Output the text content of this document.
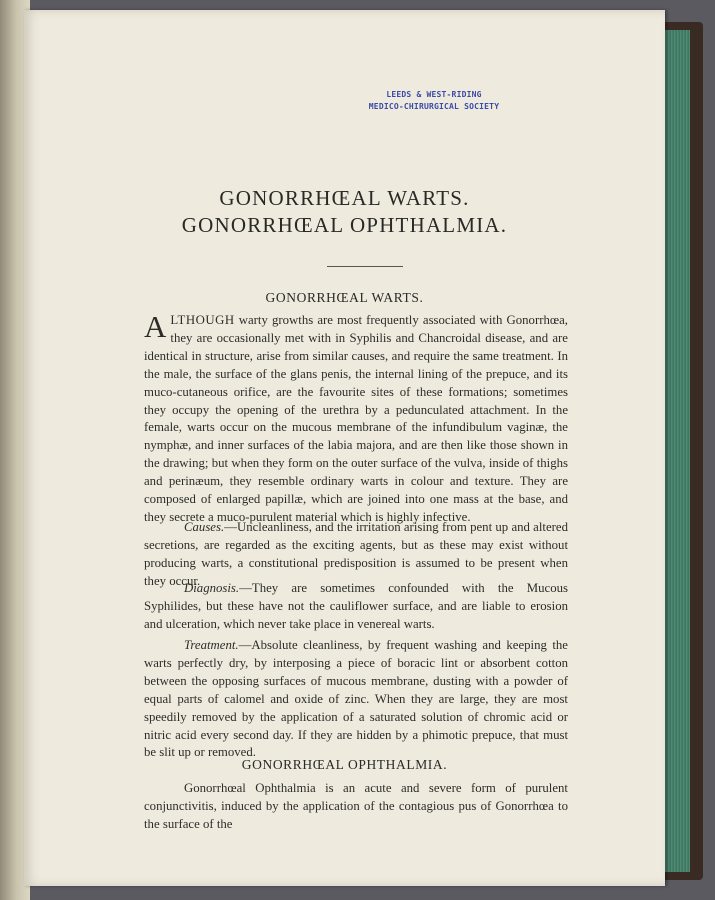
LEEDS & WEST-RIDING
MEDICO-CHIRURGICAL SOCIETY
GONORRHŒAL WARTS.
GONORRHŒAL OPHTHALMIA.
GONORRHŒAL WARTS.
ALTHOUGH warty growths are most frequently associated with Gonorrhœa, they are occasionally met with in Syphilis and Chancroidal disease, and are identical in structure, arise from similar causes, and require the same treatment. In the male, the surface of the glans penis, the internal lining of the prepuce, and its muco-cutaneous orifice, are the favourite sites of these formations; sometimes they occupy the opening of the urethra by a pedunculated attachment. In the female, warts occur on the mucous membrane of the infundibulum vaginæ, the nymphæ, and inner surfaces of the labia majora, and are then like those shown in the drawing; but when they form on the outer surface of the vulva, inside of thighs and perinæum, they resemble ordinary warts in colour and texture. They are composed of enlarged papillæ, which are joined into one mass at the base, and they secrete a muco-purulent material which is highly infective.
Causes.—Uncleanliness, and the irritation arising from pent up and altered secretions, are regarded as the exciting agents, but as these may exist without producing warts, a constitutional predisposition is assumed to be present when they occur.
Diagnosis.—They are sometimes confounded with the Mucous Syphilides, but these have not the cauliflower surface, and are liable to erosion and ulceration, which never take place in venereal warts.
Treatment.—Absolute cleanliness, by frequent washing and keeping the warts perfectly dry, by interposing a piece of boracic lint or absorbent cotton between the opposing surfaces of mucous membrane, dusting with a powder of equal parts of calomel and oxide of zinc. When they are large, they are most speedily removed by the application of a saturated solution of chromic acid or nitric acid every second day. If they are hidden by a phimotic prepuce, that must be slit up or removed.
GONORRHŒAL OPHTHALMIA.
Gonorrhœal Ophthalmia is an acute and severe form of purulent conjunctivitis, induced by the application of the contagious pus of Gonorrhœa to the surface of the
